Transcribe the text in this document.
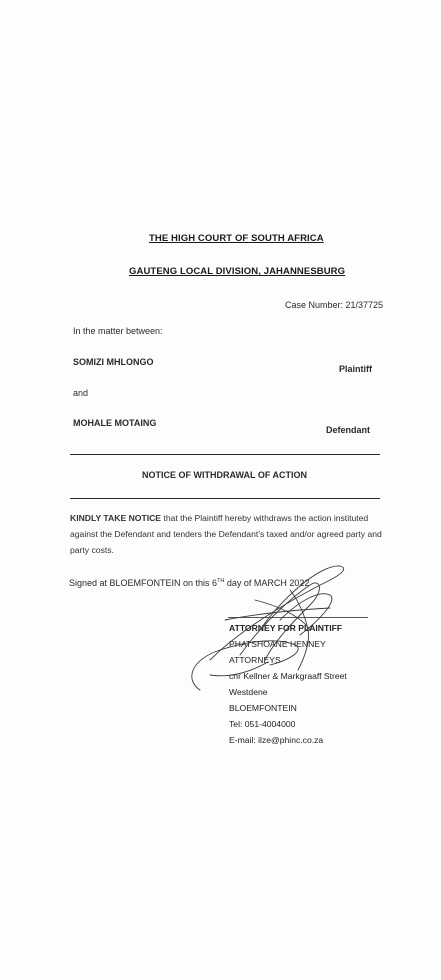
THE HIGH COURT OF SOUTH AFRICA
GAUTENG LOCAL DIVISION, JAHANNESBURG
Case Number: 21/37725
In the matter between:
SOMIZI MHLONGO
Plaintiff
and
MOHALE MOTAING
Defendant
NOTICE OF WITHDRAWAL OF ACTION
KINDLY TAKE NOTICE that the Plaintiff hereby withdraws the action instituted against the Defendant and tenders the Defendant’s taxed and/or agreed party and party costs.
Signed at BLOEMFONTEIN on this 6TH day of MARCH 2022
ATTORNEY FOR PLAINTIFF
PHATSHOANE HENNEY
ATTORNEYS
cnr Kellner & Markgraaff Street
Westdene
BLOEMFONTEIN
Tel: 051-4004000
E-mail: ilze@phinc.co.za
